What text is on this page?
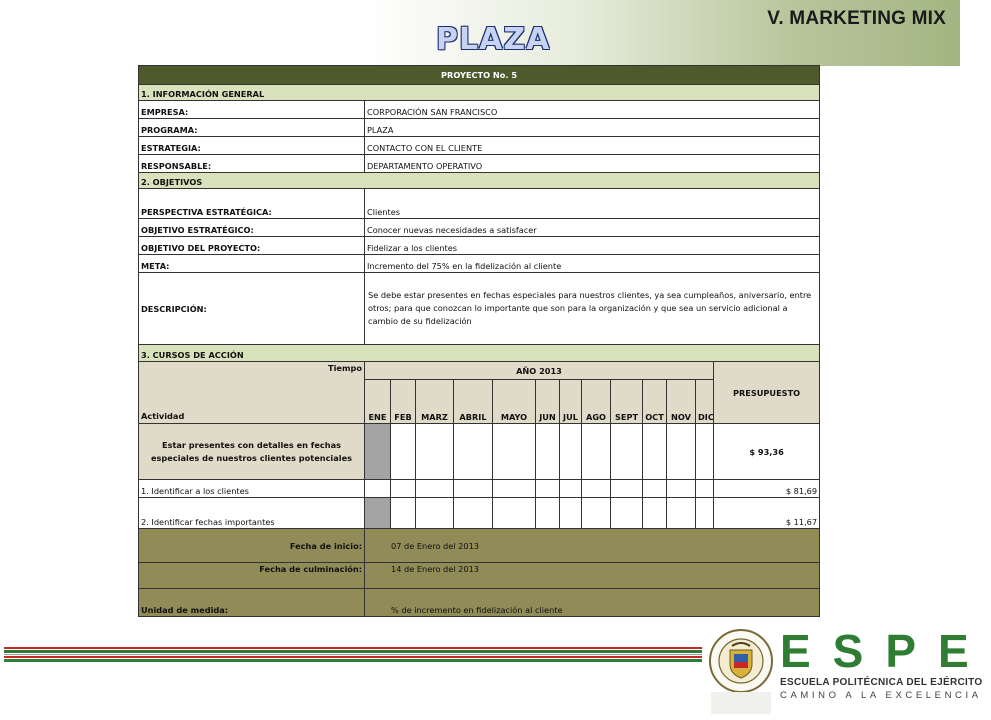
V. MARKETING MIX
PLAZA
PROYECTO No. 5													
1. INFORMACIÓN GENERAL													
EMPRESA:	CORPORACIÓN SAN FRANCISCO												
PROGRAMA:	PLAZA												
ESTRATEGIA:	CONTACTO CON EL CLIENTE												
RESPONSABLE:	DEPARTAMENTO OPERATIVO												
2. OBJETIVOS													
PERSPECTIVA ESTRATÉGICA:	Clientes												
OBJETIVO ESTRATÉGICO:	Conocer nuevas necesidades a satisfacer												
OBJETIVO DEL PROYECTO:	Fidelizar a los clientes												
META:	Incremento del 75% en la fidelización al cliente												
DESCRIPCIÓN:	Se debe estar presentes en fechas especiales para nuestros clientes, ya sea cumpleaños, aniversario, entre otros; para que conozcan lo importante que son para la organización y que sea un servicio adicional a cambio de su fidelización												
3. CURSOS DE ACCIÓN													

Tiempo
Actividad	AÑO 2013												PRESUPUESTO
	ENE	FEB	MARZ	ABRIL	MAYO	JUN	JUL	AGO	SEPT	OCT	NOV	DIC	
Estar presentes con detalles en fechas especiales de nuestros clientes potenciales													$ 93,36
1. Identificar a los clientes													$ 81,69
2. Identificar fechas importantes													$ 11,67
Fecha de inicio:	07 de Enero del 2013												
Fecha de culminación:	14 de Enero del 2013												
Unidad de medida:	% de incremento en fidelización al cliente												
ESPE
ESCUELA POLITÉCNICA DEL EJÉRCITO
CAMINO A LA EXCELENCIA
